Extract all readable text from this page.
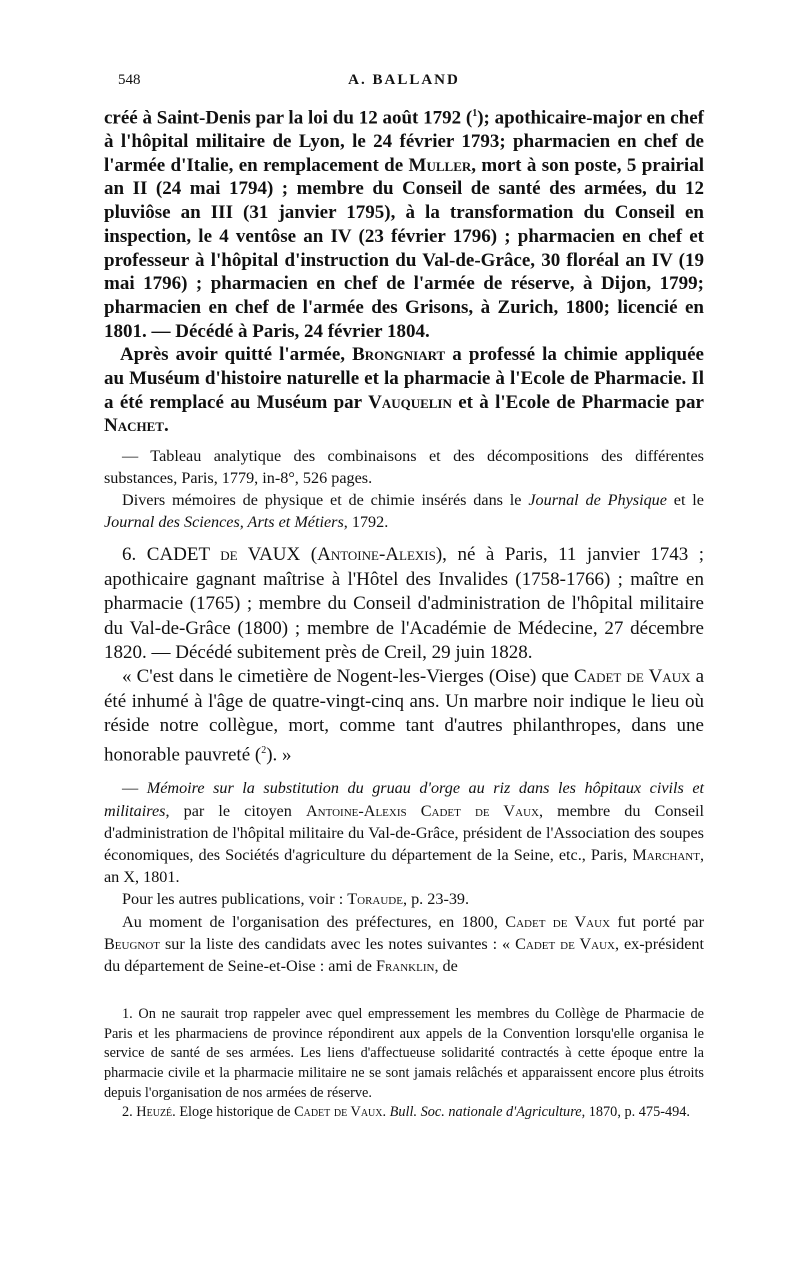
548	A. BALLAND

créé à Saint-Denis par la loi du 12 août 1792 ($^1$); apothicaire-major en chef à l'hôpital militaire de Lyon, le 24 février 1793; pharmacien en chef de l'armée d'Italie, en remplacement de Muller, mort à son poste, 5 prairial an II (24 mai 1794) ; membre du Conseil de santé des armées, du 12 pluviôse an III (31 janvier 1795), à la transformation du Conseil en inspection, le 4 ventôse an IV (23 février 1796) ; pharmacien en chef et professeur à l'hôpital d'instruction du Val-de-Grâce, 30 floréal an IV (19 mai 1796) ; pharmacien en chef de l'armée de réserve, à Dijon, 1799; pharmacien en chef de l'armée des Grisons, à Zurich, 1800; licencié en 1801. — Décédé à Paris, 24 février 1804.

Après avoir quitté l'armée, Brongniart a professé la chimie appliquée au Muséum d'histoire naturelle et la pharmacie à l'Ecole de Pharmacie. Il a été remplacé au Muséum par Vauquelin et à l'Ecole de Pharmacie par Nachet.

— Tableau analytique des combinaisons et des décompositions des différentes substances, Paris, 1779, in-8°, 526 pages.

Divers mémoires de physique et de chimie insérés dans le Journal de Physique et le Journal des Sciences, Arts et Métiers, 1792.

6. CADET de VAUX (Antoine-Alexis), né à Paris, 11 janvier 1743 ; apothicaire gagnant maîtrise à l'Hôtel des Invalides (1758-1766) ; maître en pharmacie (1765) ; membre du Conseil d'administration de l'hôpital militaire du Val-de-Grâce (1800) ; membre de l'Académie de Médecine, 27 décembre 1820. — Décédé subitement près de Creil, 29 juin 1828.

« C'est dans le cimetière de Nogent-les-Vierges (Oise) que Cadet de Vaux a été inhumé à l'âge de quatre-vingt-cinq ans. Un marbre noir indique le lieu où réside notre collègue, mort, comme tant d'autres philanthropes, dans une honorable pauvreté ($^2$). »

— Mémoire sur la substitution du gruau d'orge au riz dans les hôpitaux civils et militaires, par le citoyen Antoine-Alexis Cadet de Vaux, membre du Conseil d'administration de l'hôpital militaire du Val-de-Grâce, président de l'Association des soupes économiques, des Sociétés d'agriculture du département de la Seine, etc., Paris, Marchant, an X, 1801.

Pour les autres publications, voir : Toraude, p. 23-39.

Au moment de l'organisation des préfectures, en 1800, Cadet de Vaux fut porté par Beugnot sur la liste des candidats avec les notes suivantes : « Cadet de Vaux, ex-président du département de Seine-et-Oise : ami de Franklin, de

1. On ne saurait trop rappeler avec quel empressement les membres du Collège de Pharmacie de Paris et les pharmaciens de province répondirent aux appels de la Convention lorsqu'elle organisa le service de santé de ses armées. Les liens d'affectueuse solidarité contractés à cette époque entre la pharmacie civile et la pharmacie militaire ne se sont jamais relâchés et apparaissent encore plus étroits depuis l'organisation de nos armées de réserve.

2. Heuzé. Eloge historique de Cadet de Vaux. Bull. Soc. nationale d'Agriculture, 1870, p. 475-494.
